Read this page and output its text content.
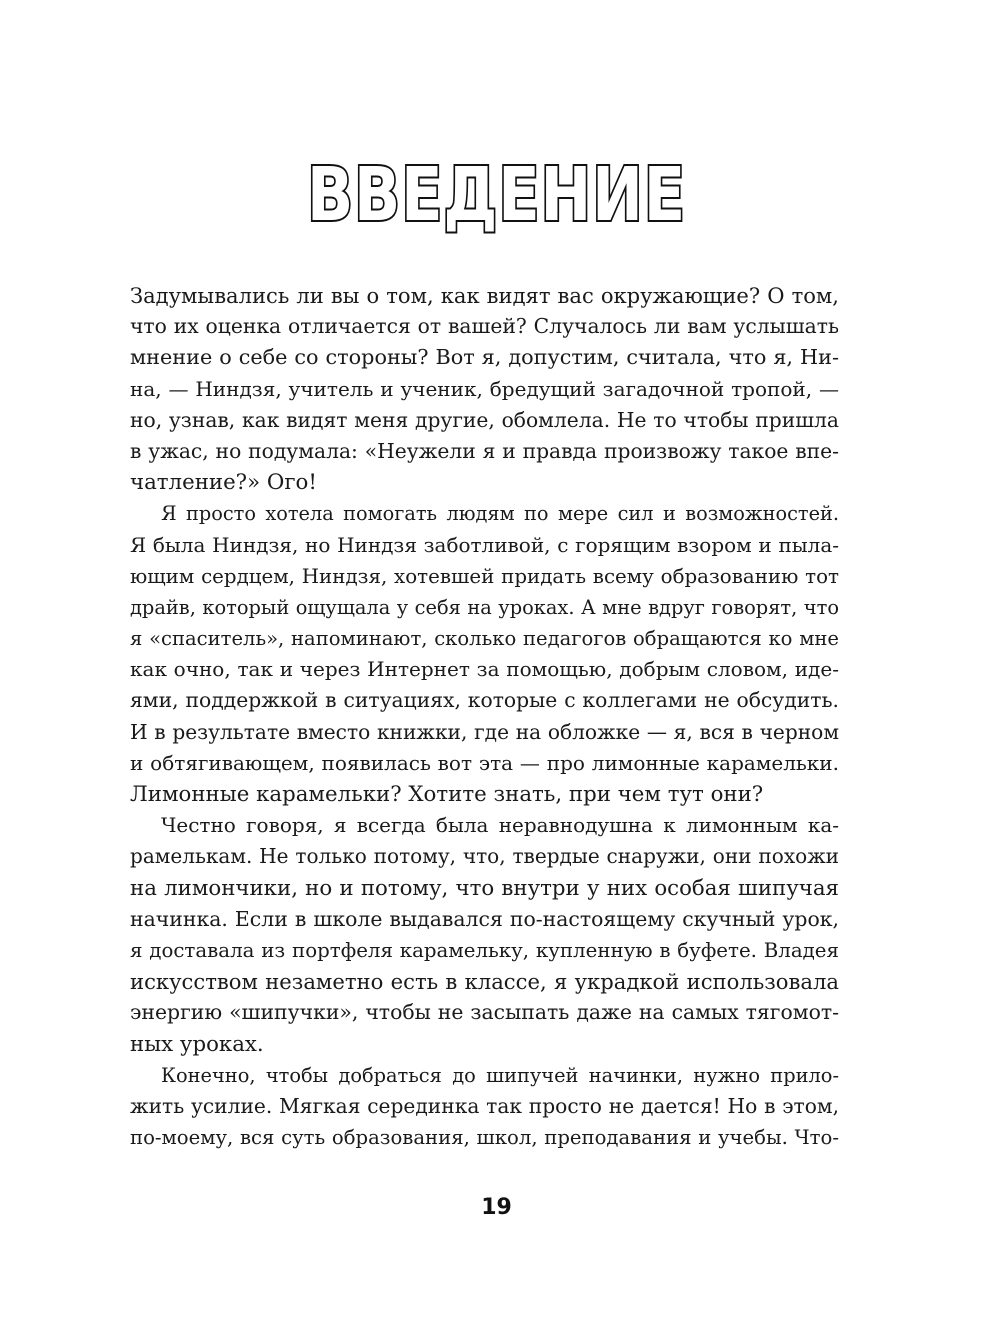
ВВЕДЕНИЕ
Задумывались ли вы о том, как видят вас окружающие? О том,
что их оценка отличается от вашей? Случалось ли вам услышать
мнение о себе со стороны? Вот я, допустим, считала, что я, Ни-
на, — Ниндзя, учитель и ученик, бредущий загадочной тропой, —
но, узнав, как видят меня другие, обомлела. Не то чтобы пришла
в ужас, но подумала: «Неужели я и правда произвожу такое впе-
чатление?» Ого!
Я просто хотела помогать людям по мере сил и возможностей.
Я была Ниндзя, но Ниндзя заботливой, с горящим взором и пыла-
ющим сердцем, Ниндзя, хотевшей придать всему образованию тот
драйв, который ощущала у себя на уроках. А мне вдруг говорят, что
я «спаситель», напоминают, сколько педагогов обращаются ко мне
как очно, так и через Интернет за помощью, добрым словом, иде-
ями, поддержкой в ситуациях, которые с коллегами не обсудить.
И в результате вместо книжки, где на обложке — я, вся в черном
и обтягивающем, появилась вот эта — про лимонные карамельки.
Лимонные карамельки? Хотите знать, при чем тут они?
Честно говоря, я всегда была неравнодушна к лимонным ка-
рамелькам. Не только потому, что, твердые снаружи, они похожи
на лимончики, но и потому, что внутри у них особая шипучая
начинка. Если в школе выдавался по-настоящему скучный урок,
я доставала из портфеля карамельку, купленную в буфете. Владея
искусством незаметно есть в классе, я украдкой использовала
энергию «шипучки», чтобы не засыпать даже на самых тягомот-
ных уроках.
Конечно, чтобы добраться до шипучей начинки, нужно прило-
жить усилие. Мягкая серединка так просто не дается! Но в этом,
по-моему, вся суть образования, школ, преподавания и учебы. Что-
19
